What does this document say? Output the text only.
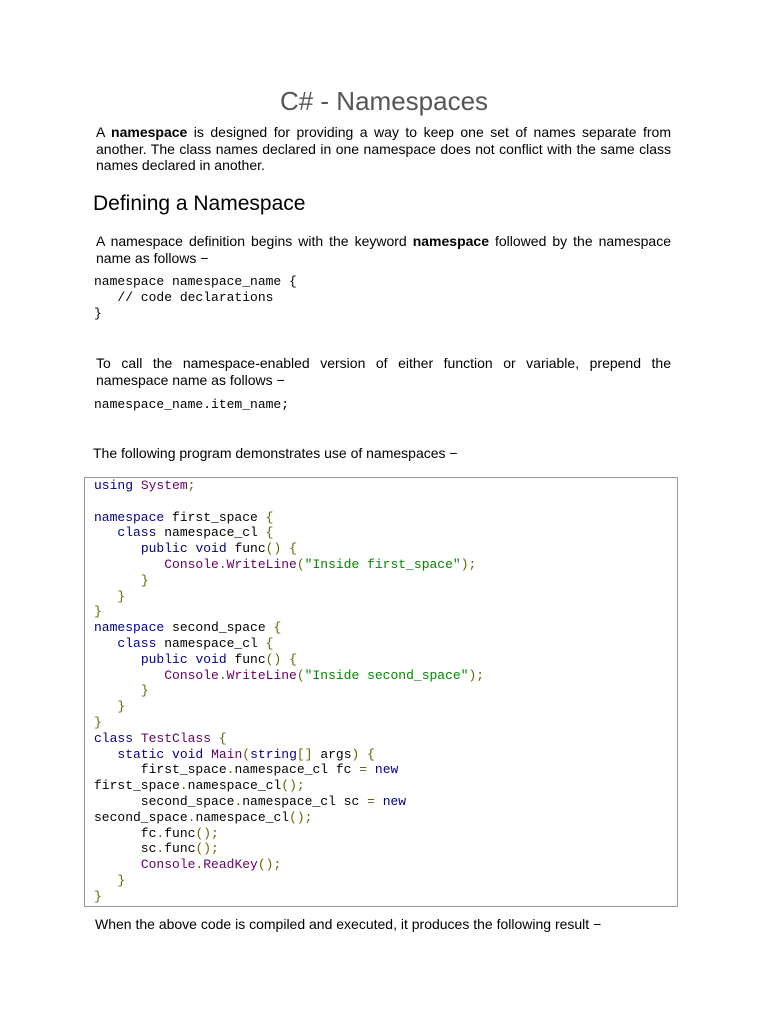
C# - Namespaces

A namespace is designed for providing a way to keep one set of names separate from another. The class names declared in one namespace does not conflict with the same class names declared in another.

Defining a Namespace

A namespace definition begins with the keyword namespace followed by the namespace name as follows −

namespace namespace_name {
// code declarations
}

To call the namespace-enabled version of either function or variable, prepend the namespace name as follows −

namespace_name.item_name;

The following program demonstrates use of namespaces −

using System;

namespace first_space {
class namespace_cl {
public void func() {
Console.WriteLine("Inside first_space");
}
}
}
namespace second_space {
class namespace_cl {
public void func() {
Console.WriteLine("Inside second_space");
}
}
}
class TestClass {
static void Main(string[] args) {
first_space.namespace_cl fc = new
first_space.namespace_cl();
second_space.namespace_cl sc = new
second_space.namespace_cl();
fc.func();
sc.func();
Console.ReadKey();
}
}

When the above code is compiled and executed, it produces the following result −
